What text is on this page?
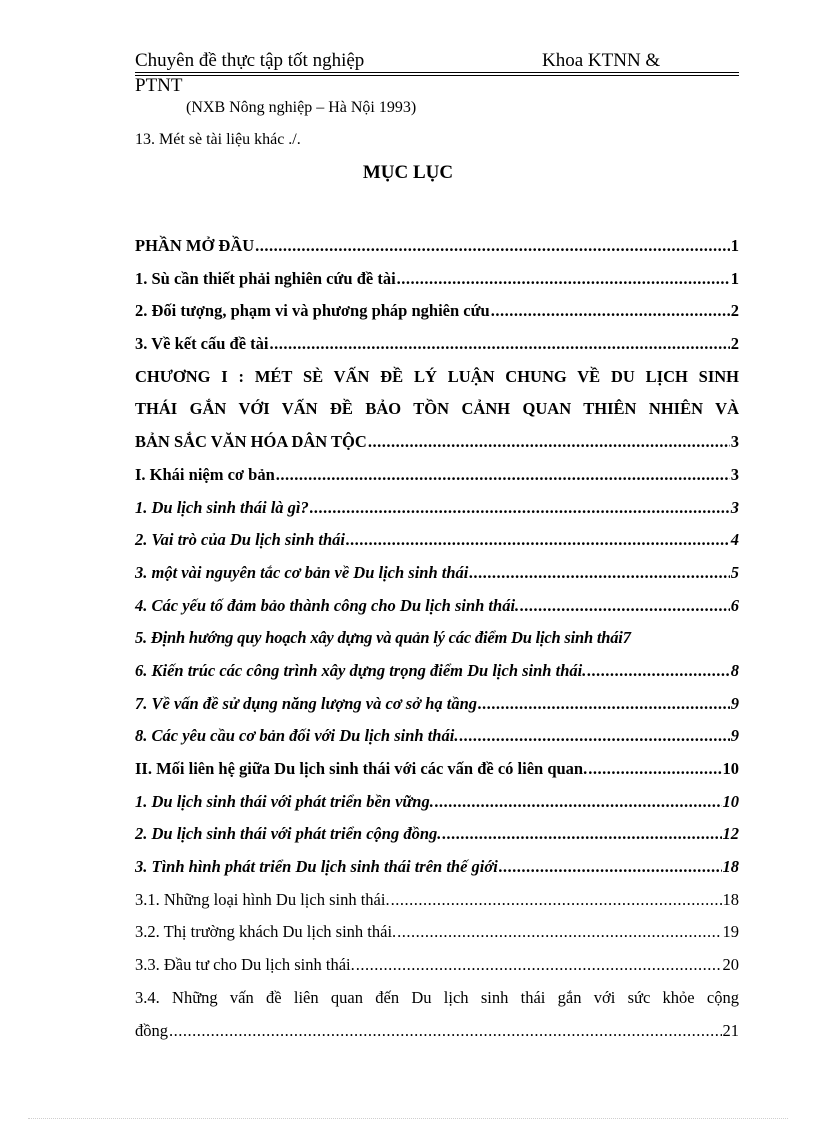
Chuyên đề thực tập tốt nghiệp	Khoa KTNN &
PTNT
(NXB Nông nghiệp – Hà Nội 1993)
13. Mét sè tài liệu khác ./.
MỤC LỤC
PHẦN MỞ ĐẦU .....	1
1. Sù cần thiết phải nghiên cứu đề tài .....	1
2. Đối tượng, phạm vi và phương pháp nghiên cứu .....	2
3. Về kết cấu đề tài .....	2
CHƯƠNG I : MÉT SÈ VẤN ĐỀ LÝ LUẬN CHUNG VỀ DU LỊCH SINH
THÁI GẮN VỚI VẤN ĐỀ BẢO TỒN CẢNH QUAN THIÊN NHIÊN VÀ
BẢN SẮC VĂN HÓA DÂN TỘC .....	3
I. Khái niệm cơ bản .....	3
1. Du lịch sinh thái là gì? .....	3
2. Vai trò của Du lịch sinh thái .....	4
3. một vài nguyên tắc cơ bản về Du lịch sinh thái .....	5
4. Các yếu tố đảm bảo thành công cho Du lịch sinh thái. .....	6
5. Định hướng quy hoạch xây dựng và quản lý các điểm Du lịch sinh thái 7
6. Kiến trúc các công trình xây dựng trọng điểm Du lịch sinh thái. .....	8
7. Về vấn đề sử dụng năng lượng và cơ sở hạ tầng .....	9
8. Các yêu cầu cơ bản đối với Du lịch sinh thái. .....	9
II. Mối liên hệ giữa Du lịch sinh thái với các vấn đề có liên quan. .....	10
1. Du lịch sinh thái với phát triển bền vững. .....	10
2. Du lịch sinh thái với phát triển cộng đồng. .....	12
3. Tình hình phát triển Du lịch sinh thái trên thế giới .....	18
3.1. Những loại hình Du lịch sinh thái. .....	18
3.2. Thị trường khách Du lịch sinh thái. .....	19
3.3. Đầu tư cho Du lịch sinh thái. .....	20
3.4.  Những  vấn  đề  liên  quan  đến  Du  lịch  sinh  thái  gắn  với  sức  khỏe  cộng
đồng .....	21
